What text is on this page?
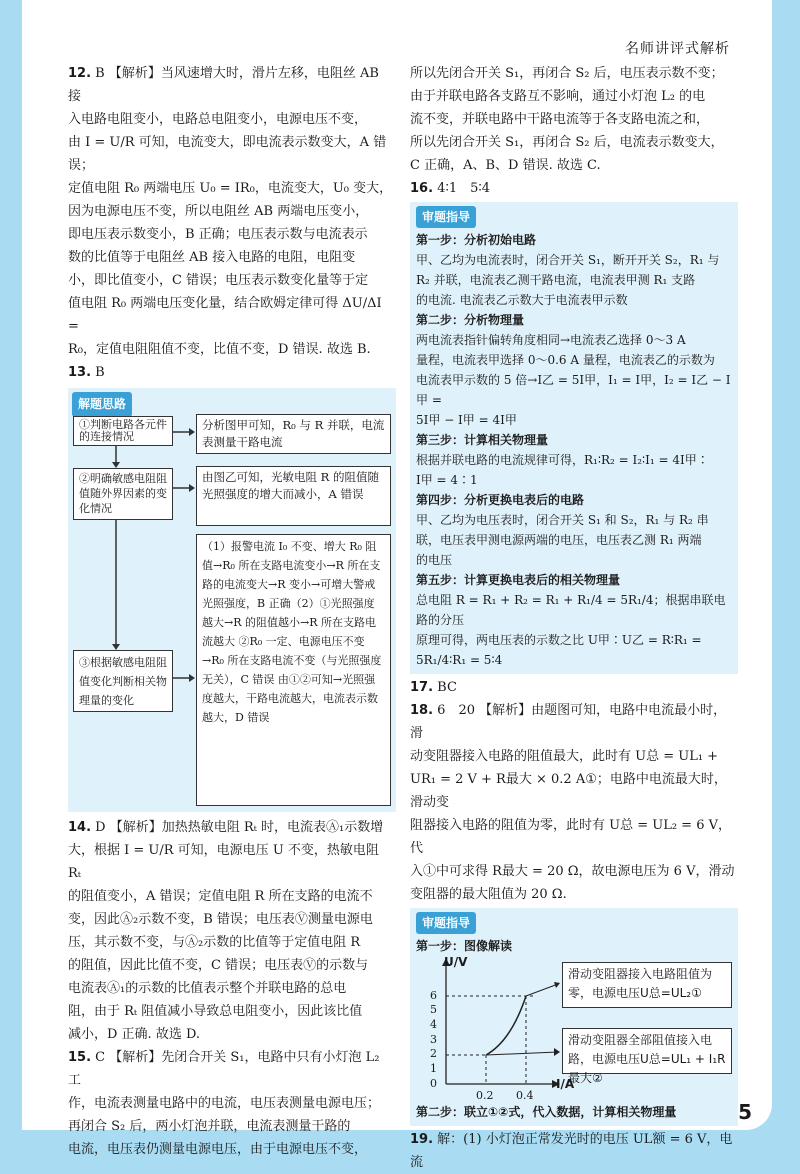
名师讲评式解析

12. B 【解析】当风速增大时，滑片左移，电阻丝 AB 接

入电路电阻变小，电路总电阻变小，电源电压不变，

由 I = U/R 可知，电流变大，即电流表示数变大，A 错误；

定值电阻 R₀ 两端电压 U₀ = IR₀，电流变大，U₀ 变大，

因为电源电压不变，所以电阻丝 AB 两端电压变小，

即电压表示数变小，B 正确；电压表示数与电流表示

数的比值等于电阻丝 AB 接入电路的电阻，电阻变

小，即比值变小，C 错误；电压表示数变化量等于定

值电阻 R₀ 两端电压变化量，结合欧姆定律可得 ΔU/ΔI =

R₀，定值电阻阻值不变，比值不变，D 错误. 故选 B.

13. B

解题思路
①判断电路各元件的连接情况
分析图甲可知，R₀ 与 R 并联，电流表测量干路电流
②明确敏感电阻阻值随外界因素的变化情况
由图乙可知，光敏电阻 R 的阻值随光照强度的增大而减小，A 错误
③根据敏感电阻阻值变化判断相关物理量的变化
（1）报警电流 I₀ 不变、增大 R₀ 阻值→R₀ 所在支路电流变小→R 所在支路的电流变大→R 变小→可增大警戒光照强度，B 正确（2）①光照强度越大→R 的阻值越小→R 所在支路电流越大 ②R₀ 一定、电源电压不变→R₀ 所在支路电流不变（与光照强度无关），C 错误 由①②可知→光照强度越大，干路电流越大，电流表示数越大，D 错误

14. D 【解析】加热热敏电阻 Rₜ 时，电流表Ⓐ₁示数增

大，根据 I = U/R 可知，电源电压 U 不变，热敏电阻 Rₜ

的阻值变小，A 错误；定值电阻 R 所在支路的电流不

变，因此Ⓐ₂示数不变，B 错误；电压表Ⓥ测量电源电

压，其示数不变，与Ⓐ₂示数的比值等于定值电阻 R

的阻值，因此比值不变，C 错误；电压表Ⓥ的示数与

电流表Ⓐ₁的示数的比值表示整个并联电路的总电

阻，由于 Rₜ 阻值减小导致总电阻变小，因此该比值

减小，D 正确. 故选 D.

15. C 【解析】先闭合开关 S₁，电路中只有小灯泡 L₂ 工

作，电流表测量电路中的电流，电压表测量电源电压；

再闭合 S₂ 后，两小灯泡并联，电流表测量干路的

电流，电压表仍测量电源电压，由于电源电压不变，

所以先闭合开关 S₁，再闭合 S₂ 后，电压表示数不变；

由于并联电路各支路互不影响，通过小灯泡 L₂ 的电

流不变，并联电路中干路电流等于各支路电流之和，

所以先闭合开关 S₁，再闭合 S₂ 后，电流表示数变大，

C 正确，A、B、D 错误. 故选 C.

16. 4∶1　5∶4

审题指导
第一步：分析初始电路
甲、乙均为电流表时，闭合开关 S₁，断开开关 S₂，R₁ 与
R₂ 并联，电流表乙测干路电流，电流表甲测 R₁ 支路
的电流. 电流表乙示数大于电流表甲示数
第二步：分析物理量
两电流表指针偏转角度相同→电流表乙选择 0～3 A
量程，电流表甲选择 0～0.6 A 量程，电流表乙的示数为
电流表甲示数的 5 倍→I乙 = 5I甲，I₁ = I甲，I₂ = I乙 − I甲 =
5I甲 − I甲 = 4I甲
第三步：计算相关物理量
根据并联电路的电流规律可得，R₁∶R₂ = I₂∶I₁ = 4I甲∶
I甲 = 4∶1
第四步：分析更换电表后的电路
甲、乙均为电压表时，闭合开关 S₁ 和 S₂，R₁ 与 R₂ 串
联，电压表甲测电源两端的电压，电压表乙测 R₁ 两端
的电压
第五步：计算更换电表后的相关物理量
总电阻 R = R₁ + R₂ = R₁ + R₁/4 = 5R₁/4；根据串联电路的分压
原理可得，两电压表的示数之比 U甲∶U乙 = R∶R₁ =
5R₁/4∶R₁ = 5∶4

17. BC

18. 6　20 【解析】由题图可知，电路中电流最小时，滑

动变阻器接入电路的阻值最大，此时有 U总 = UL₁ +

UR₁ = 2 V + R最大 × 0.2 A①；电路中电流最大时，滑动变

阻器接入电路的阻值为零，此时有 U总 = UL₂ = 6 V，代

入①中可求得 R最大 = 20 Ω，故电源电压为 6 V，滑动

变阻器的最大阻值为 20 Ω.

审题指导
第一步：图像解读
U/V
I/A
0
1
2
3
4
5
6
0.2 0.4
滑动变阻器接入电路阻值为零，电源电压U总=UL₂①
滑动变阻器全部阻值接入电路，电源电压U总=UL₁ + I₁R最大②
第二步：联立①②式，代入数据，计算相关物理量

19. 解：(1) 小灯泡正常发光时的电压 UL额 = 6 V，电流

5
